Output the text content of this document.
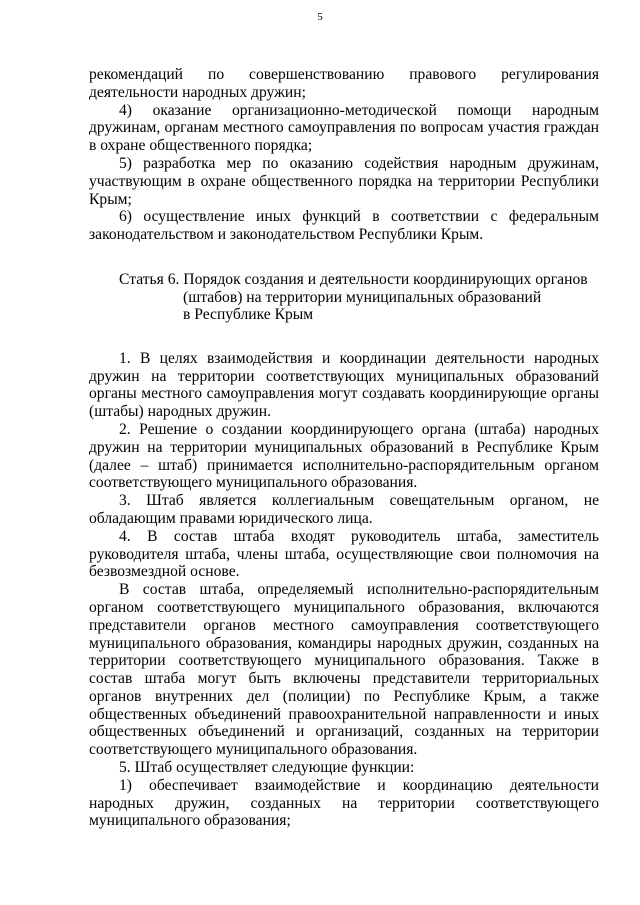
5

рекомендаций по совершенствованию правового регулирования деятельности народных дружин;

4) оказание организационно-методической помощи народным дружинам, органам местного самоуправления по вопросам участия граждан в охране общественного порядка;

5) разработка мер по оказанию содействия народным дружинам, участвующим в охране общественного порядка на территории Республики Крым;

6) осуществление иных функций в соответствии с федеральным законодательством и законодательством Республики Крым.

Статья 6. Порядок создания и деятельности координирующих органов
(штабов) на территории муниципальных образований
в Республике Крым

1. В целях взаимодействия и координации деятельности народных дружин на территории соответствующих муниципальных образований органы местного самоуправления могут создавать координирующие органы (штабы) народных дружин.

2. Решение о создании координирующего органа (штаба) народных дружин на территории муниципальных образований в Республике Крым (далее – штаб) принимается исполнительно-распорядительным органом соответствующего муниципального образования.

3. Штаб является коллегиальным совещательным органом, не обладающим правами юридического лица.

4. В состав штаба входят руководитель штаба, заместитель руководителя штаба, члены штаба, осуществляющие свои полномочия на безвозмездной основе.

В состав штаба, определяемый исполнительно-распорядительным органом соответствующего муниципального образования, включаются представители органов местного самоуправления соответствующего муниципального образования, командиры народных дружин, созданных на территории соответствующего муниципального образования. Также в состав штаба могут быть включены представители территориальных органов внутренних дел (полиции) по Республике Крым, а также общественных объединений правоохранительной направленности и иных общественных объединений и организаций, созданных на территории соответствующего муниципального образования.

5. Штаб осуществляет следующие функции:

1) обеспечивает взаимодействие и координацию деятельности народных дружин, созданных на территории соответствующего муниципального образования;
